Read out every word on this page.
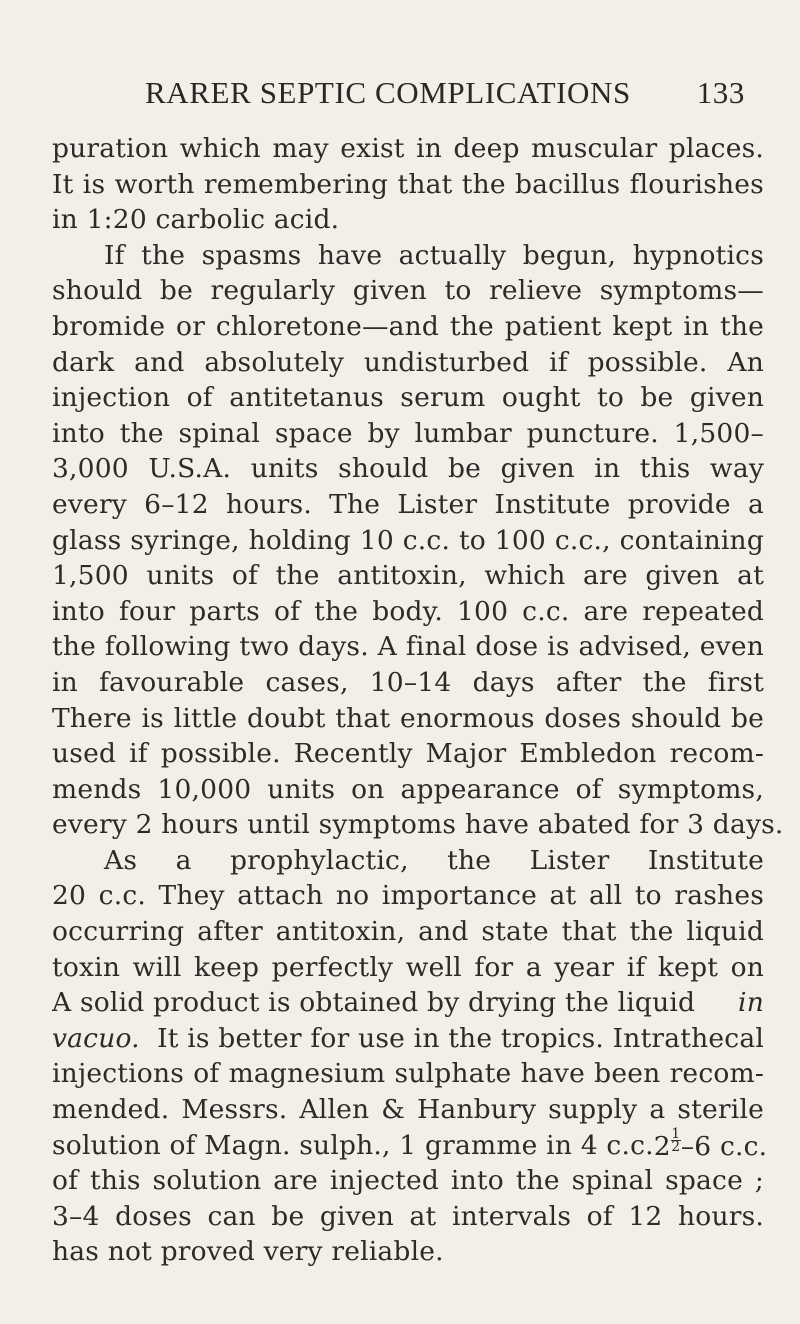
RARER SEPTIC COMPLICATIONS 133
puration which may exist in deep muscular places.
It is worth remembering that the bacillus flourishes
in 1:20 carbolic acid.
If the spasms have actually begun, hypnotics
should be regularly given to relieve symptoms—
bromide or chloretone—and the patient kept in the
dark and absolutely undisturbed if possible. An
injection of antitetanus serum ought to be given
into the spinal space by lumbar puncture. 1,500–
3,000 U.S.A. units should be given in this way
every 6–12 hours. The Lister Institute provide a
glass syringe, holding 10 c.c. to 100 c.c., containing
1,500 units of the antitoxin, which are given at
into four parts of the body. 100 c.c. are repeated
the following two days. A final dose is advised, even
in favourable cases, 10–14 days after the first
There is little doubt that enormous doses should be
used if possible. Recently Major Embledon recom-
mends 10,000 units on appearance of symptoms,
every 2 hours until symptoms have abated for 3 days.
As a prophylactic, the Lister Institute
20 c.c. They attach no importance at all to rashes
occurring after antitoxin, and state that the liquid
toxin will keep perfectly well for a year if kept on
A solid product is obtained by drying the liquid in
vacuo. It is better for use in the tropics. Intrathecal
injections of magnesium sulphate have been recom-
mended. Messrs. Allen & Hanbury supply a sterile
solution of Magn. sulph., 1 gramme in 4 c.c. $2 \frac{1}{2} -6$ c.c.
of this solution are injected into the spinal space ;
3–4 doses can be given at intervals of 12 hours.
has not proved very reliable.
